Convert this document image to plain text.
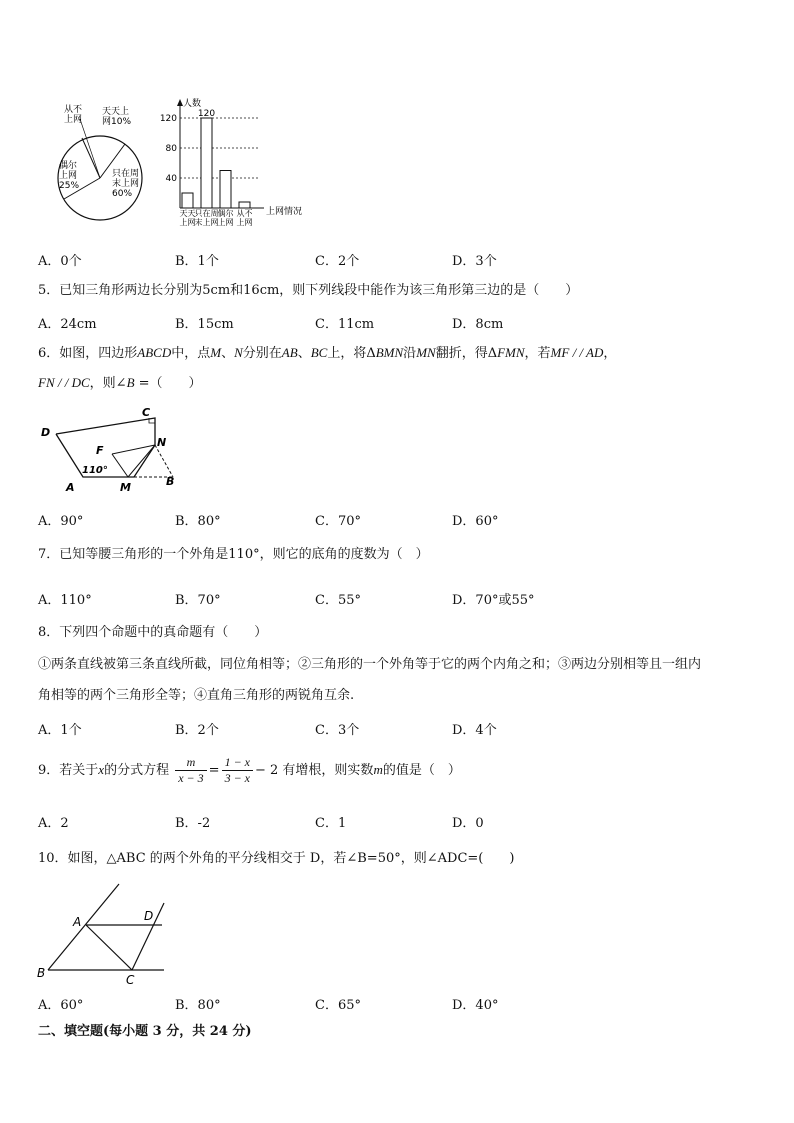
从不上网
天天上网10%
偶尔上网 25%
只在周末上网 60%
人数
上网情况
40
80
120
天天上网
只在周末上网
偶尔上网
从不上网
120
A．0个	B．1个	C．2个	D．3个
5．已知三角形两边长分别为5cm和16cm，则下列线段中能作为该三角形第三边的是（　　）
A．24cm	B．15cm	C．11cm	D．8cm
6．如图，四边形ABCD中，点M、N分别在AB、BC上，将ΔBMN沿MN翻折，得ΔFMN，若MF / / AD，
FN / / DC，则∠B =（　　）
D
C
N
F
A	M	B
110°
A．90°	B．80°	C．70°	D．60°
7．已知等腰三角形的一个外角是110°，则它的底角的度数为（　）
A．110°	B．70°	C．55°	D．70°或55°
8．下列四个命题中的真命题有（　　）
①两条直线被第三条直线所截，同位角相等；②三角形的一个外角等于它的两个内角之和；③两边分别相等且一组内
角相等的两个三角形全等；④直角三角形的两锐角互余.
A．1个	B．2个	C．3个	D．4个
9．若关于x的分式方程 $\frac{m}{x - 3} = \frac{1 - x}{3 - x} - 2$ 有增根，则实数m的值是（　）
A．2	B．-2	C．1	D．0
10．如图，△ABC 的两个外角的平分线相交于 D，若∠B=50°，则∠ADC=(　　)
A
B	C
D
A．60°	B．80°	C．65°	D．40°
二、填空题(每小题 3 分，共 24 分)
